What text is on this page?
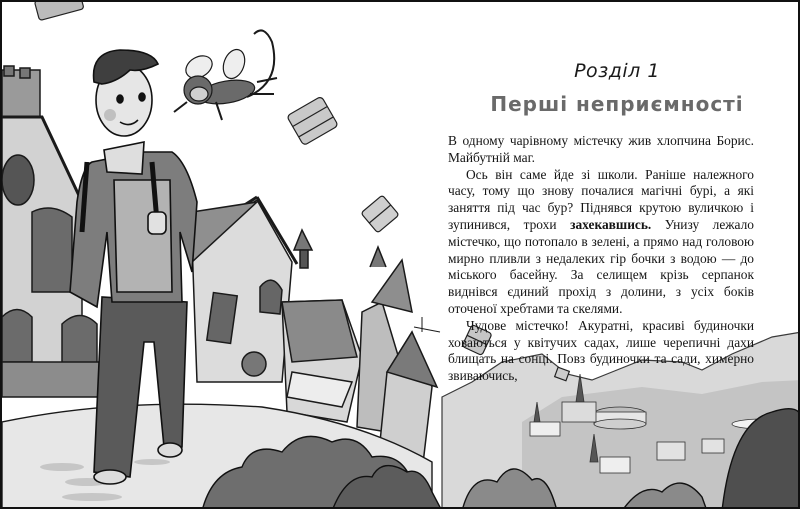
Розділ 1
Перші неприємності

В одному чарівному містечку жив хлопчина Борис. Майбутній маг.

Ось він саме йде зі школи. Раніше належного часу, тому що знову почалися магічні бурі, а які заняття під час бур? Піднявся крутою вуличкою і зупинився, трохи захекавшись. Унизу лежало містечко, що потопало в зелені, а прямо над головою мирно пливли з недалеких гір бочки з водою — до міського басейну. За селищем крізь серпанок виднівся єдиний прохід з долини, з усіх боків оточеної хребтами та скелями.

Чудове містечко! Акуратні, красиві будиночки ховаються у квітучих садах, лише черепичні дахи блищать на сонці. Повз будиночки та сади, химерно звиваючись,
